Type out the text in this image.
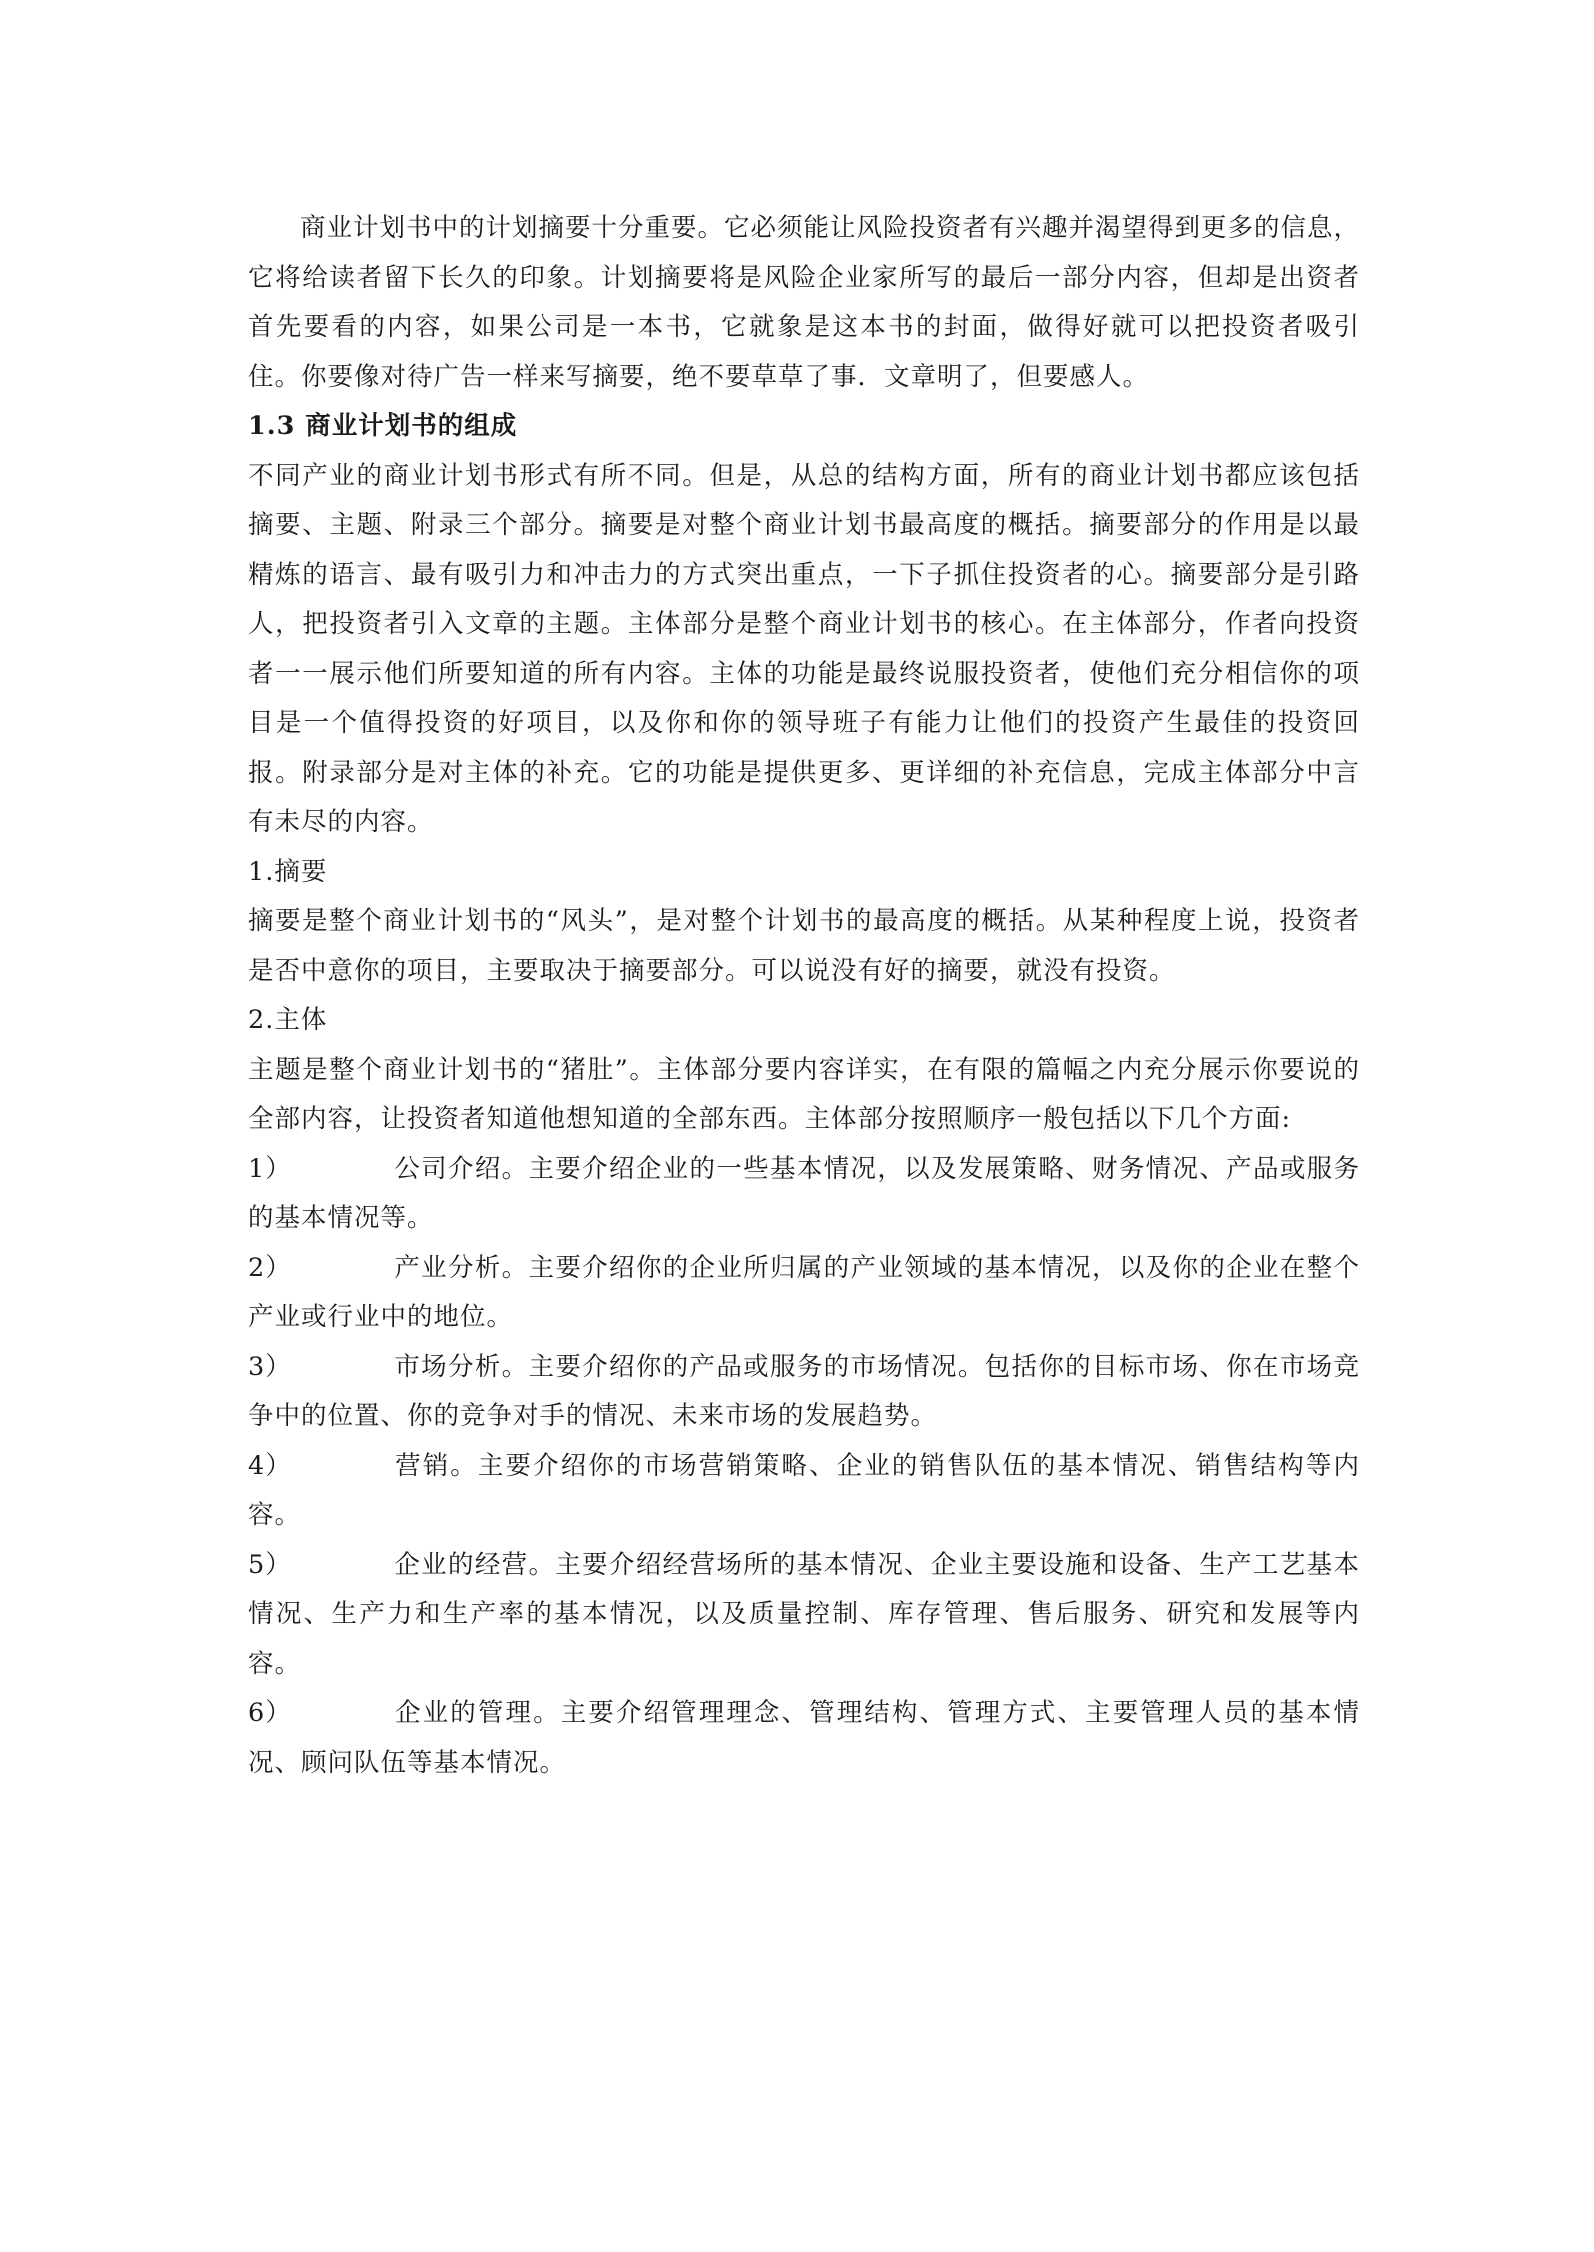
商业计划书中的计划摘要十分重要。它必须能让风险投资者有兴趣并渴望得到更多的信息，它将给读者留下长久的印象。计划摘要将是风险企业家所写的最后一部分内容，但却是出资者首先要看的内容，如果公司是一本书，它就象是这本书的封面，做得好就可以把投资者吸引住。你要像对待广告一样来写摘要，绝不要草草了事．文章明了，但要感人。

1.3 商业计划书的组成

不同产业的商业计划书形式有所不同。但是，从总的结构方面，所有的商业计划书都应该包括摘要、主题、附录三个部分。摘要是对整个商业计划书最高度的概括。摘要部分的作用是以最精炼的语言、最有吸引力和冲击力的方式突出重点，一下子抓住投资者的心。摘要部分是引路人，把投资者引入文章的主题。主体部分是整个商业计划书的核心。在主体部分，作者向投资者一一展示他们所要知道的所有内容。主体的功能是最终说服投资者，使他们充分相信你的项目是一个值得投资的好项目，以及你和你的领导班子有能力让他们的投资产生最佳的投资回报。附录部分是对主体的补充。它的功能是提供更多、更详细的补充信息，完成主体部分中言有未尽的内容。

1.摘要

摘要是整个商业计划书的“风头”，是对整个计划书的最高度的概括。从某种程度上说，投资者是否中意你的项目，主要取决于摘要部分。可以说没有好的摘要，就没有投资。

2.主体

主题是整个商业计划书的“猪肚”。主体部分要内容详实，在有限的篇幅之内充分展示你要说的全部内容，让投资者知道他想知道的全部东西。主体部分按照顺序一般包括以下几个方面:

1）	公司介绍。主要介绍企业的一些基本情况，以及发展策略、财务情况、产品或服务的基本情况等。

2）	产业分析。主要介绍你的企业所归属的产业领域的基本情况，以及你的企业在整个产业或行业中的地位。

3）	市场分析。主要介绍你的产品或服务的市场情况。包括你的目标市场、你在市场竞争中的位置、你的竞争对手的情况、未来市场的发展趋势。

4）	营销。主要介绍你的市场营销策略、企业的销售队伍的基本情况、销售结构等内容。

5）	企业的经营。主要介绍经营场所的基本情况、企业主要设施和设备、生产工艺基本情况、生产力和生产率的基本情况，以及质量控制、库存管理、售后服务、研究和发展等内容。

6）	企业的管理。主要介绍管理理念、管理结构、管理方式、主要管理人员的基本情况、顾问队伍等基本情况。
